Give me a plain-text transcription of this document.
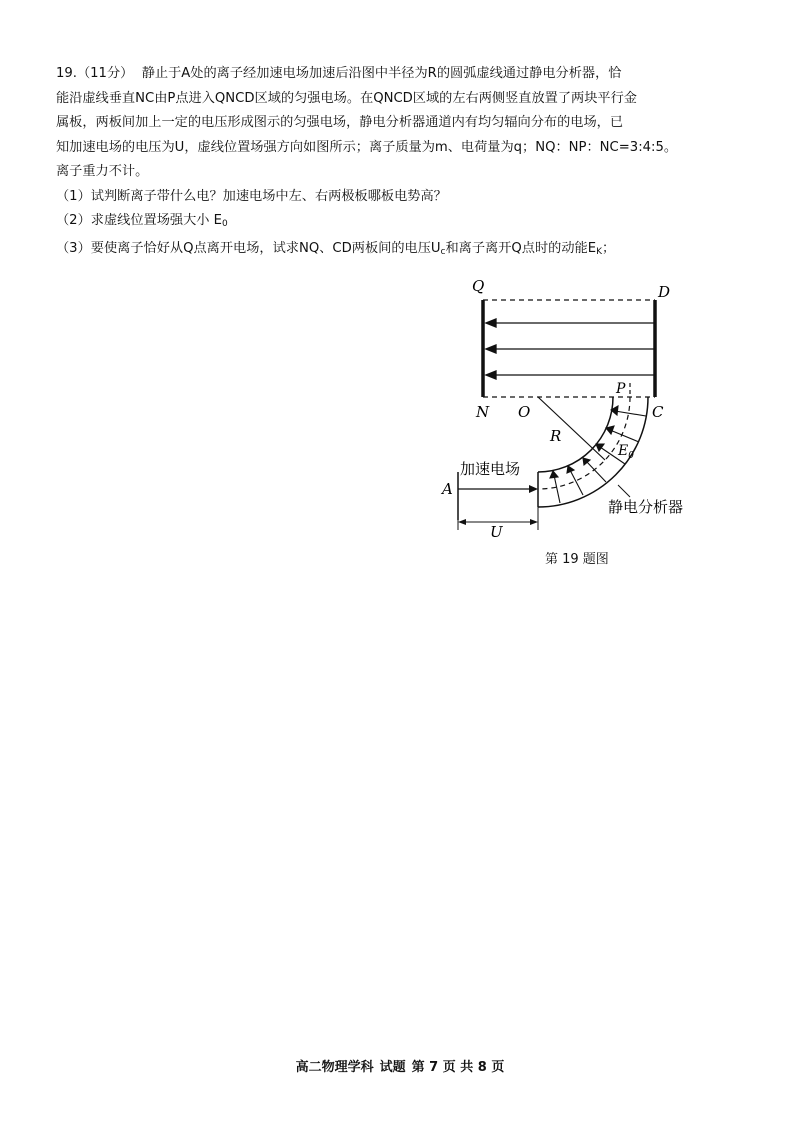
19.（11分） 静止于A处的离子经加速电场加速后沿图中半径为R的圆弧虚线通过静电分析器，恰

能沿虚线垂直NC由P点进入QNCD区域的匀强电场。在QNCD区域的左右两侧竖直放置了两块平行金

属板，两板间加上一定的电压形成图示的匀强电场，静电分析器通道内有均匀辐向分布的电场，已

知加速电场的电压为U，虚线位置场强方向如图所示；离子质量为m、电荷量为q；NQ：NP：NC=3:4:5。

离子重力不计。

（1）试判断离子带什么电？加速电场中左、右两极板哪板电势高？

（2）求虚线位置场强大小 $E_0$

（3）要使离子恰好从Q点离开电场，试求NQ、CD两板间的电压$U_c$和离子离开Q点时的动能$E_K$；

Q	D
N O
P
C
R
$E_0$
A
U
加速电场
静电分析器
第 19 题图
高二物理学科 试题 第 7 页 共 8 页
